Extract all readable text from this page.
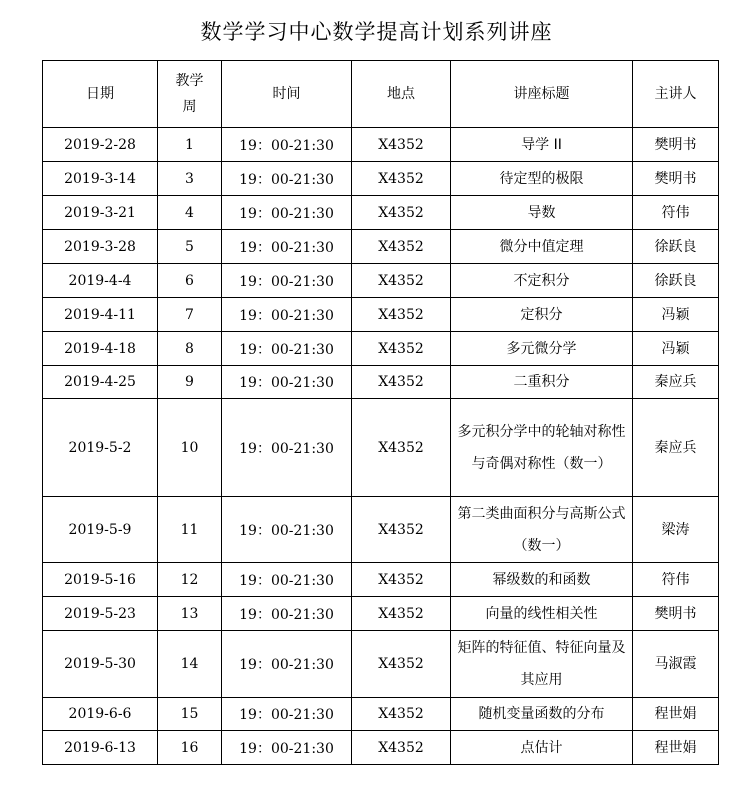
数学学习中心数学提高计划系列讲座
日期	教学周	时间	地点	讲座标题	主讲人

2019-2-28	1	19：00-21:30	X4352	导学 II	樊明书

2019-3-14	3	19：00-21:30	X4352	待定型的极限	樊明书

2019-3-21	4	19：00-21:30	X4352	导数	符伟

2019-3-28	5	19：00-21:30	X4352	微分中值定理	徐跃良

2019-4-4	6	19：00-21:30	X4352	不定积分	徐跃良

2019-4-11	7	19：00-21:30	X4352	定积分	冯颖

2019-4-18	8	19：00-21:30	X4352	多元微分学	冯颖

2019-4-25	9	19：00-21:30	X4352	二重积分	秦应兵

2019-5-2	10	19：00-21:30	X4352	多元积分学中的轮轴对称性与奇偶对称性（数一）	秦应兵

2019-5-9	11	19：00-21:30	X4352	第二类曲面积分与高斯公式（数一）	梁涛

2019-5-16	12	19：00-21:30	X4352	幂级数的和函数	符伟

2019-5-23	13	19：00-21:30	X4352	向量的线性相关性	樊明书

2019-5-30	14	19：00-21:30	X4352	矩阵的特征值、特征向量及其应用	马淑霞

2019-6-6	15	19：00-21:30	X4352	随机变量函数的分布	程世娟

2019-6-13	16	19：00-21:30	X4352	点估计	程世娟
